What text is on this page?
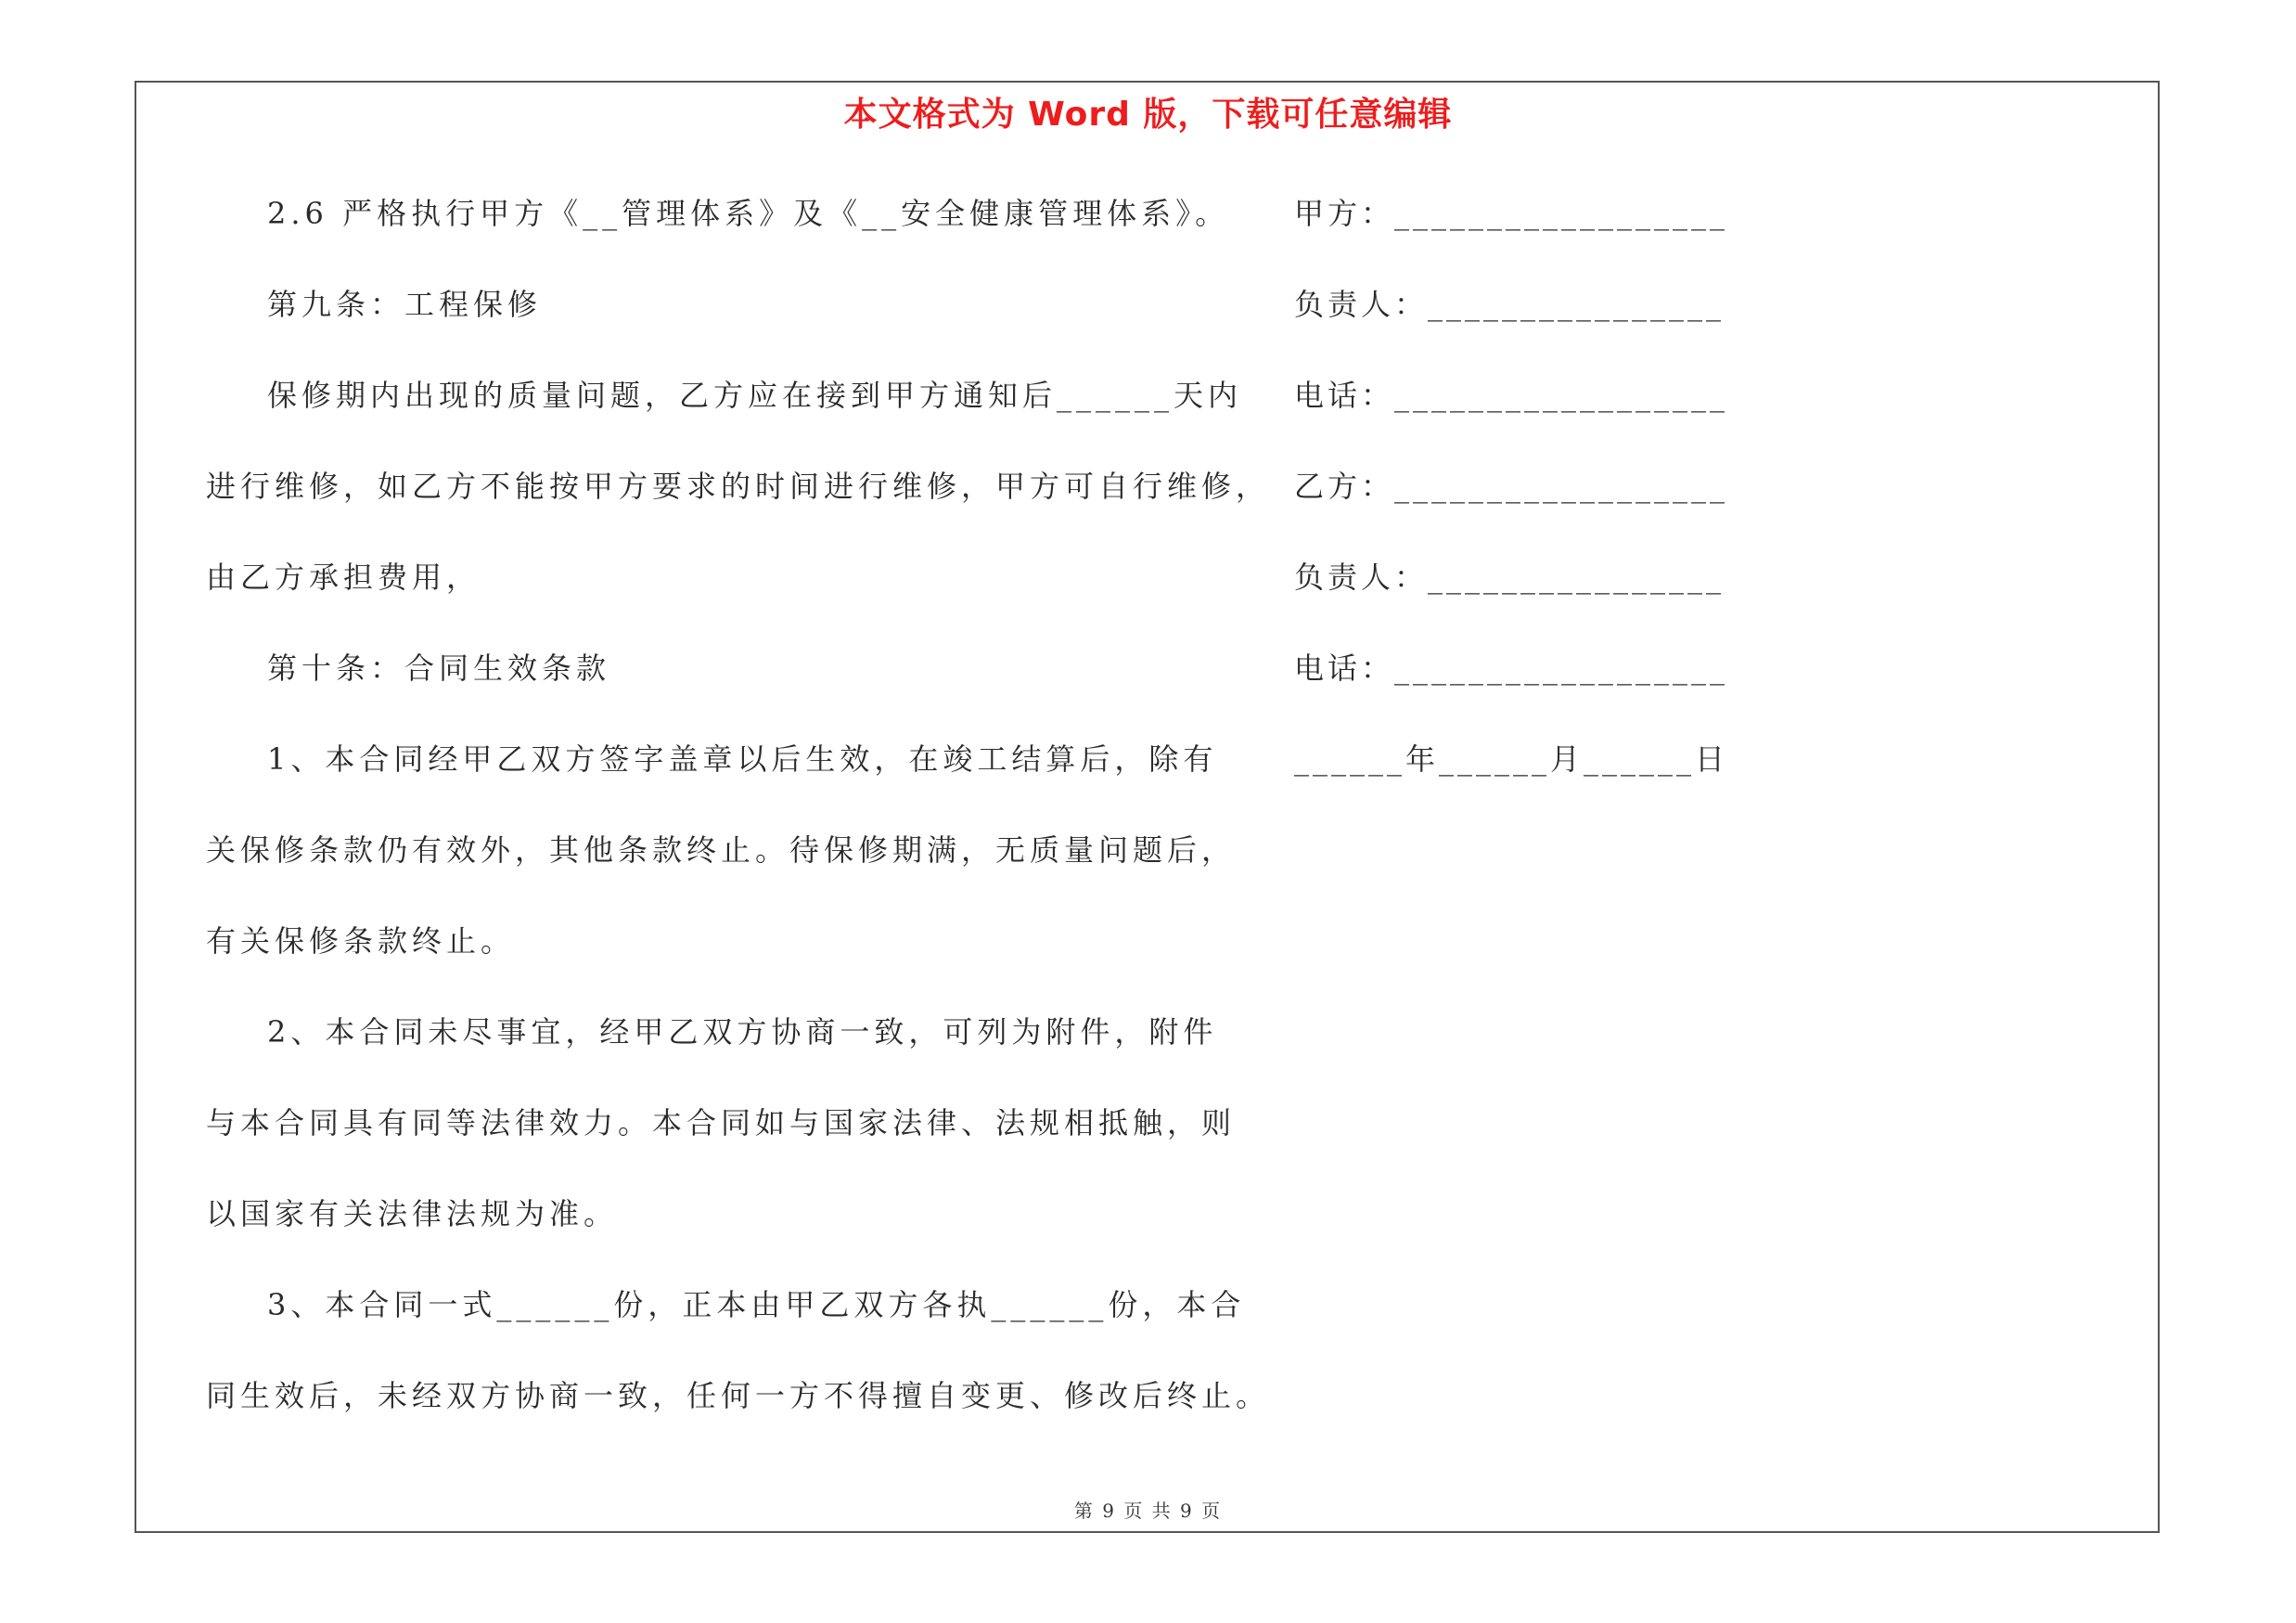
本文格式为 Word 版，下载可任意编辑
2.6 严格执行甲方《__管理体系》及《__安全健康管理体系》。
第九条：工程保修
保修期内出现的质量问题，乙方应在接到甲方通知后______天内
进行维修，如乙方不能按甲方要求的时间进行维修，甲方可自行维修，
由乙方承担费用，
第十条：合同生效条款
1、本合同经甲乙双方签字盖章以后生效，在竣工结算后，除有
关保修条款仍有效外，其他条款终止。待保修期满，无质量问题后，
有关保修条款终止。
2、本合同未尽事宜，经甲乙双方协商一致，可列为附件，附件
与本合同具有同等法律效力。本合同如与国家法律、法规相抵触，则
以国家有关法律法规为准。
3、本合同一式______份，正本由甲乙双方各执______份，本合
同生效后，未经双方协商一致，任何一方不得擅自变更、修改后终止。
甲方：__________________
负责人：________________
电话：__________________
乙方：__________________
负责人：________________
电话：__________________
______年______月______日
第 9 页 共 9 页
